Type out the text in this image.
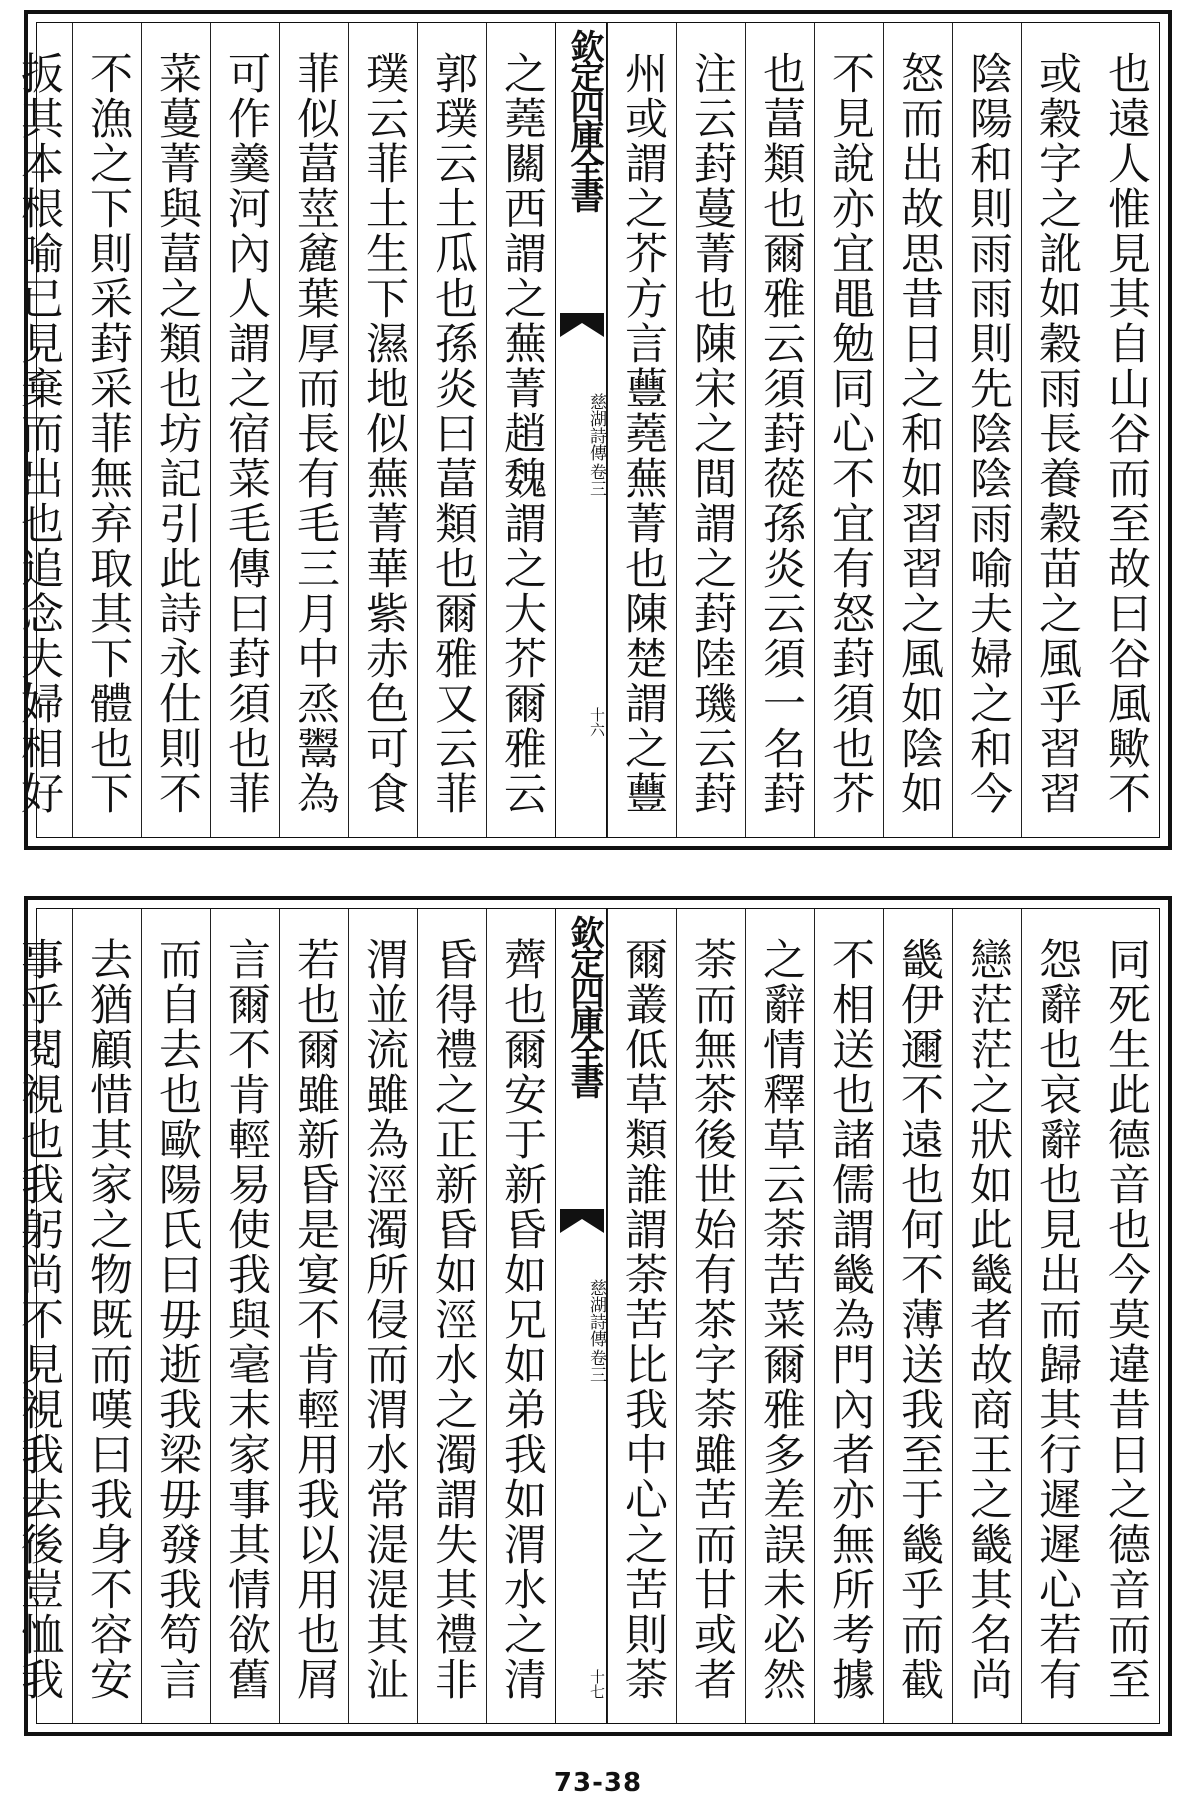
也遠人惟見其自山谷而至故曰谷風歟不
或穀字之訛如穀雨長養穀苗之風乎習習
陰陽和則雨雨則先陰陰雨喻夫婦之和今
怒而出故思昔日之和如習習之風如陰如
不見說亦宜黽勉同心不宜有怒葑須也芥
也葍類也爾雅云須葑蓯孫炎云須一名葑
注云葑蔓菁也陳宋之間謂之葑陸璣云葑
州或謂之芥方言蘴蕘蕪菁也陳楚謂之蘴
欽定四庫全書
慈湖詩傳
卷三
十六
之蕘關西謂之蕪菁趙魏謂之大芥爾雅云
郭璞云土瓜也孫炎曰葍類也爾雅又云菲
璞云菲土生下濕地似蕪菁華紫赤色可食
菲似葍莖麄葉厚而長有毛三月中烝鬻為
可作羹河內人謂之宿菜毛傳曰葑須也菲
菜蔓菁與葍之類也坊記引此詩永仕則不
不漁之下則采葑采菲無弃取其下體也下
扳其本根喻已見棄而出也追念夫婦相好
同死生此德音也今莫違昔日之德音而至
怨辭也哀辭也見出而歸其行遲遲心若有
戀茫茫之狀如此畿者故商王之畿其名尚
畿伊邇不遠也何不薄送我至于畿乎而截
不相送也諸儒謂畿為門內者亦無所考據
之辭情釋草云荼苦菜爾雅多差誤未必然
荼而無茶後世始有茶字荼雖苦而甘或者
爾叢低草類誰謂荼苦比我中心之苦則荼
欽定四庫全書
慈湖詩傳
卷三
十七
薺也爾安于新昏如兄如弟我如渭水之清
昏得禮之正新昏如涇水之濁謂失其禮非
渭並流雖為涇濁所侵而渭水常湜湜其沚
若也爾雖新昏是宴不肯輕用我以用也屑
言爾不肯輕易使我與毫末家事其情欲舊
而自去也歐陽氏曰毋逝我梁毋發我笱言
去猶顧惜其家之物既而嘆曰我身不容安
事乎閱視也我躬尚不見視我去後豈恤我
73-38
